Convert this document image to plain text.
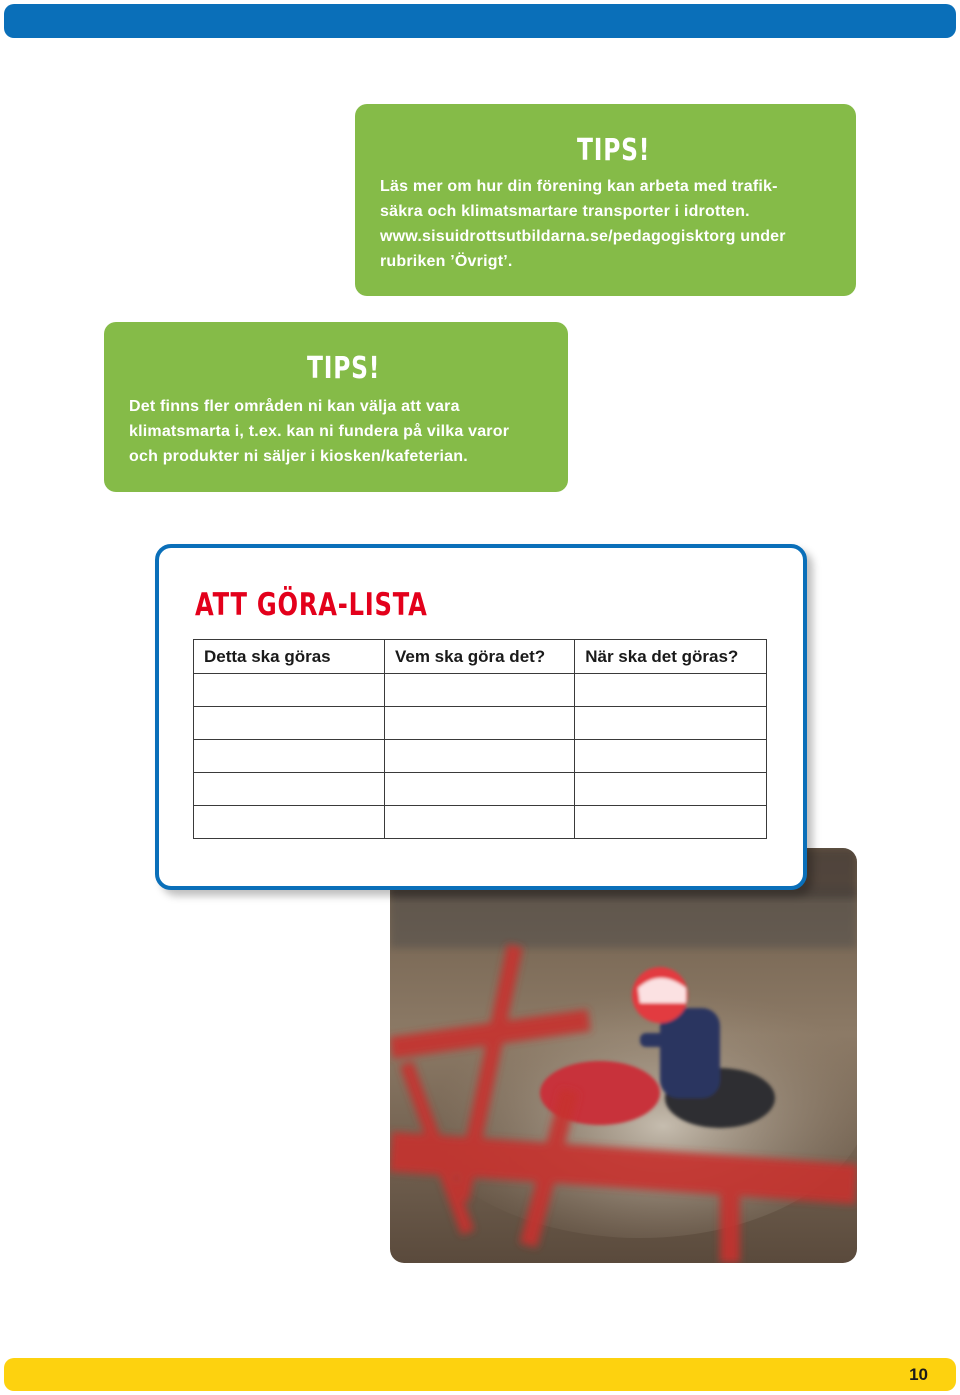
TIPS!
Läs mer om hur din förening kan arbeta med trafik-
säkra och klimatsmartare transporter i idrotten.
www.sisuidrottsutbildarna.se/pedagogisktorg under
rubriken ’Övrigt’.
TIPS!
Det finns fler områden ni kan välja att vara
klimatsmarta i, t.ex. kan ni fundera på vilka varor
och produkter ni säljer i kiosken/kafeterian.
ATT GÖRA-LISTA
Detta ska göras	Vem ska göra det?	När ska det göras?

10
